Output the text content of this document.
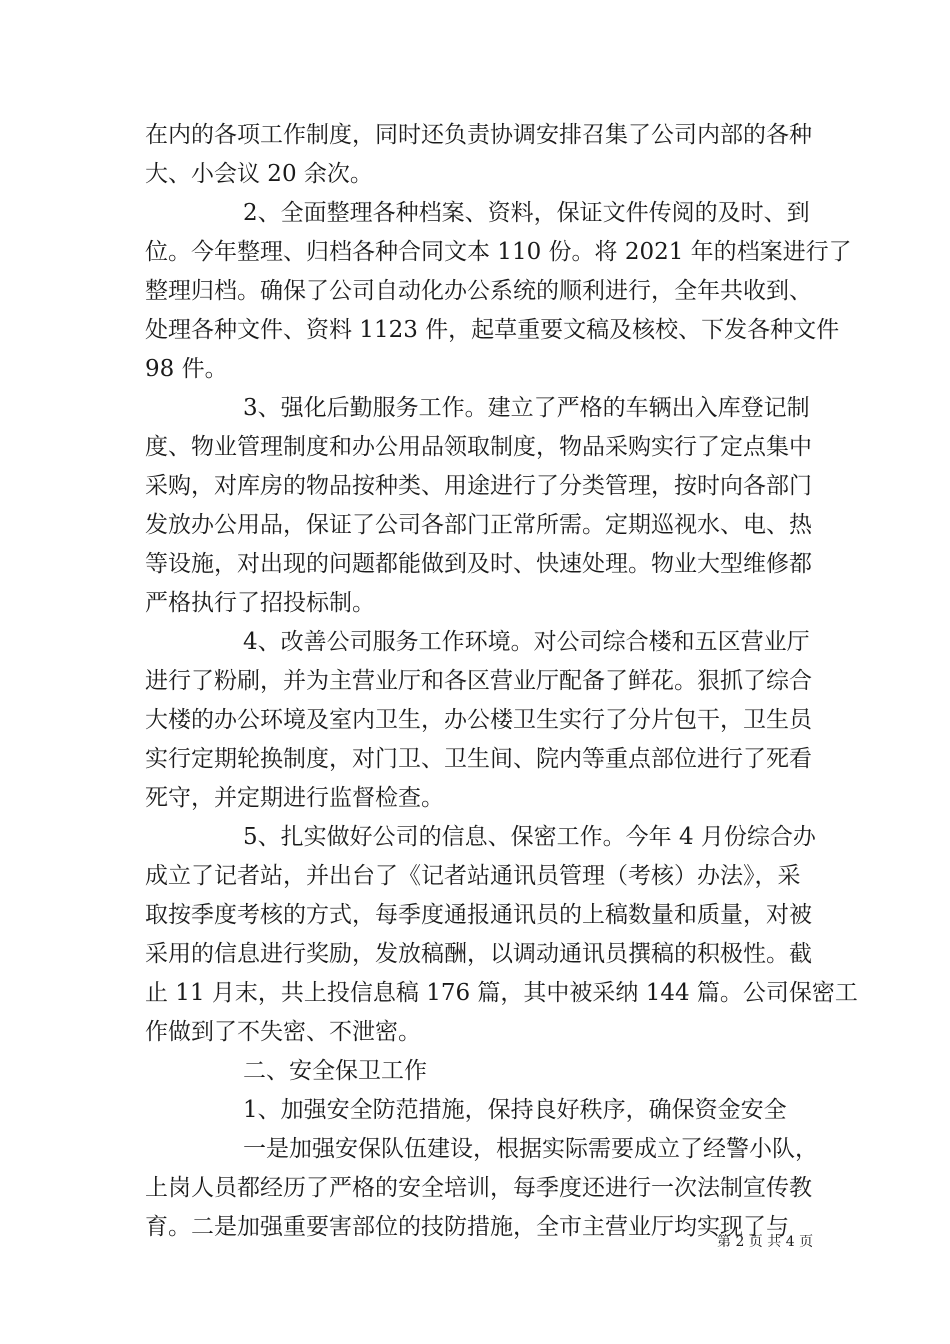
在内的各项工作制度，同时还负责协调安排召集了公司内部的各种
大、小会议 20 余次。
2、全面整理各种档案、资料，保证文件传阅的及时、到
位。今年整理、归档各种合同文本 110 份。将 2021 年的档案进行了
整理归档。确保了公司自动化办公系统的顺利进行，全年共收到、
处理各种文件、资料 1123 件，起草重要文稿及核校、下发各种文件
98 件。
3、强化后勤服务工作。建立了严格的车辆出入库登记制
度、物业管理制度和办公用品领取制度，物品采购实行了定点集中
采购，对库房的物品按种类、用途进行了分类管理，按时向各部门
发放办公用品，保证了公司各部门正常所需。定期巡视水、电、热
等设施，对出现的问题都能做到及时、快速处理。物业大型维修都
严格执行了招投标制。
4、改善公司服务工作环境。对公司综合楼和五区营业厅
进行了粉刷，并为主营业厅和各区营业厅配备了鲜花。狠抓了综合
大楼的办公环境及室内卫生，办公楼卫生实行了分片包干，卫生员
实行定期轮换制度，对门卫、卫生间、院内等重点部位进行了死看
死守，并定期进行监督检查。
5、扎实做好公司的信息、保密工作。今年 4 月份综合办
成立了记者站，并出台了《记者站通讯员管理（考核）办法》，采
取按季度考核的方式，每季度通报通讯员的上稿数量和质量，对被
采用的信息进行奖励，发放稿酬，以调动通讯员撰稿的积极性。截
止 11 月末，共上投信息稿 176 篇，其中被采纳 144 篇。公司保密工
作做到了不失密、不泄密。
二、安全保卫工作
1、加强安全防范措施，保持良好秩序，确保资金安全
一是加强安保队伍建设，根据实际需要成立了经警小队，
上岗人员都经历了严格的安全培训，每季度还进行一次法制宣传教
育。二是加强重要害部位的技防措施，全市主营业厅均实现了与
第 2 页 共 4 页
